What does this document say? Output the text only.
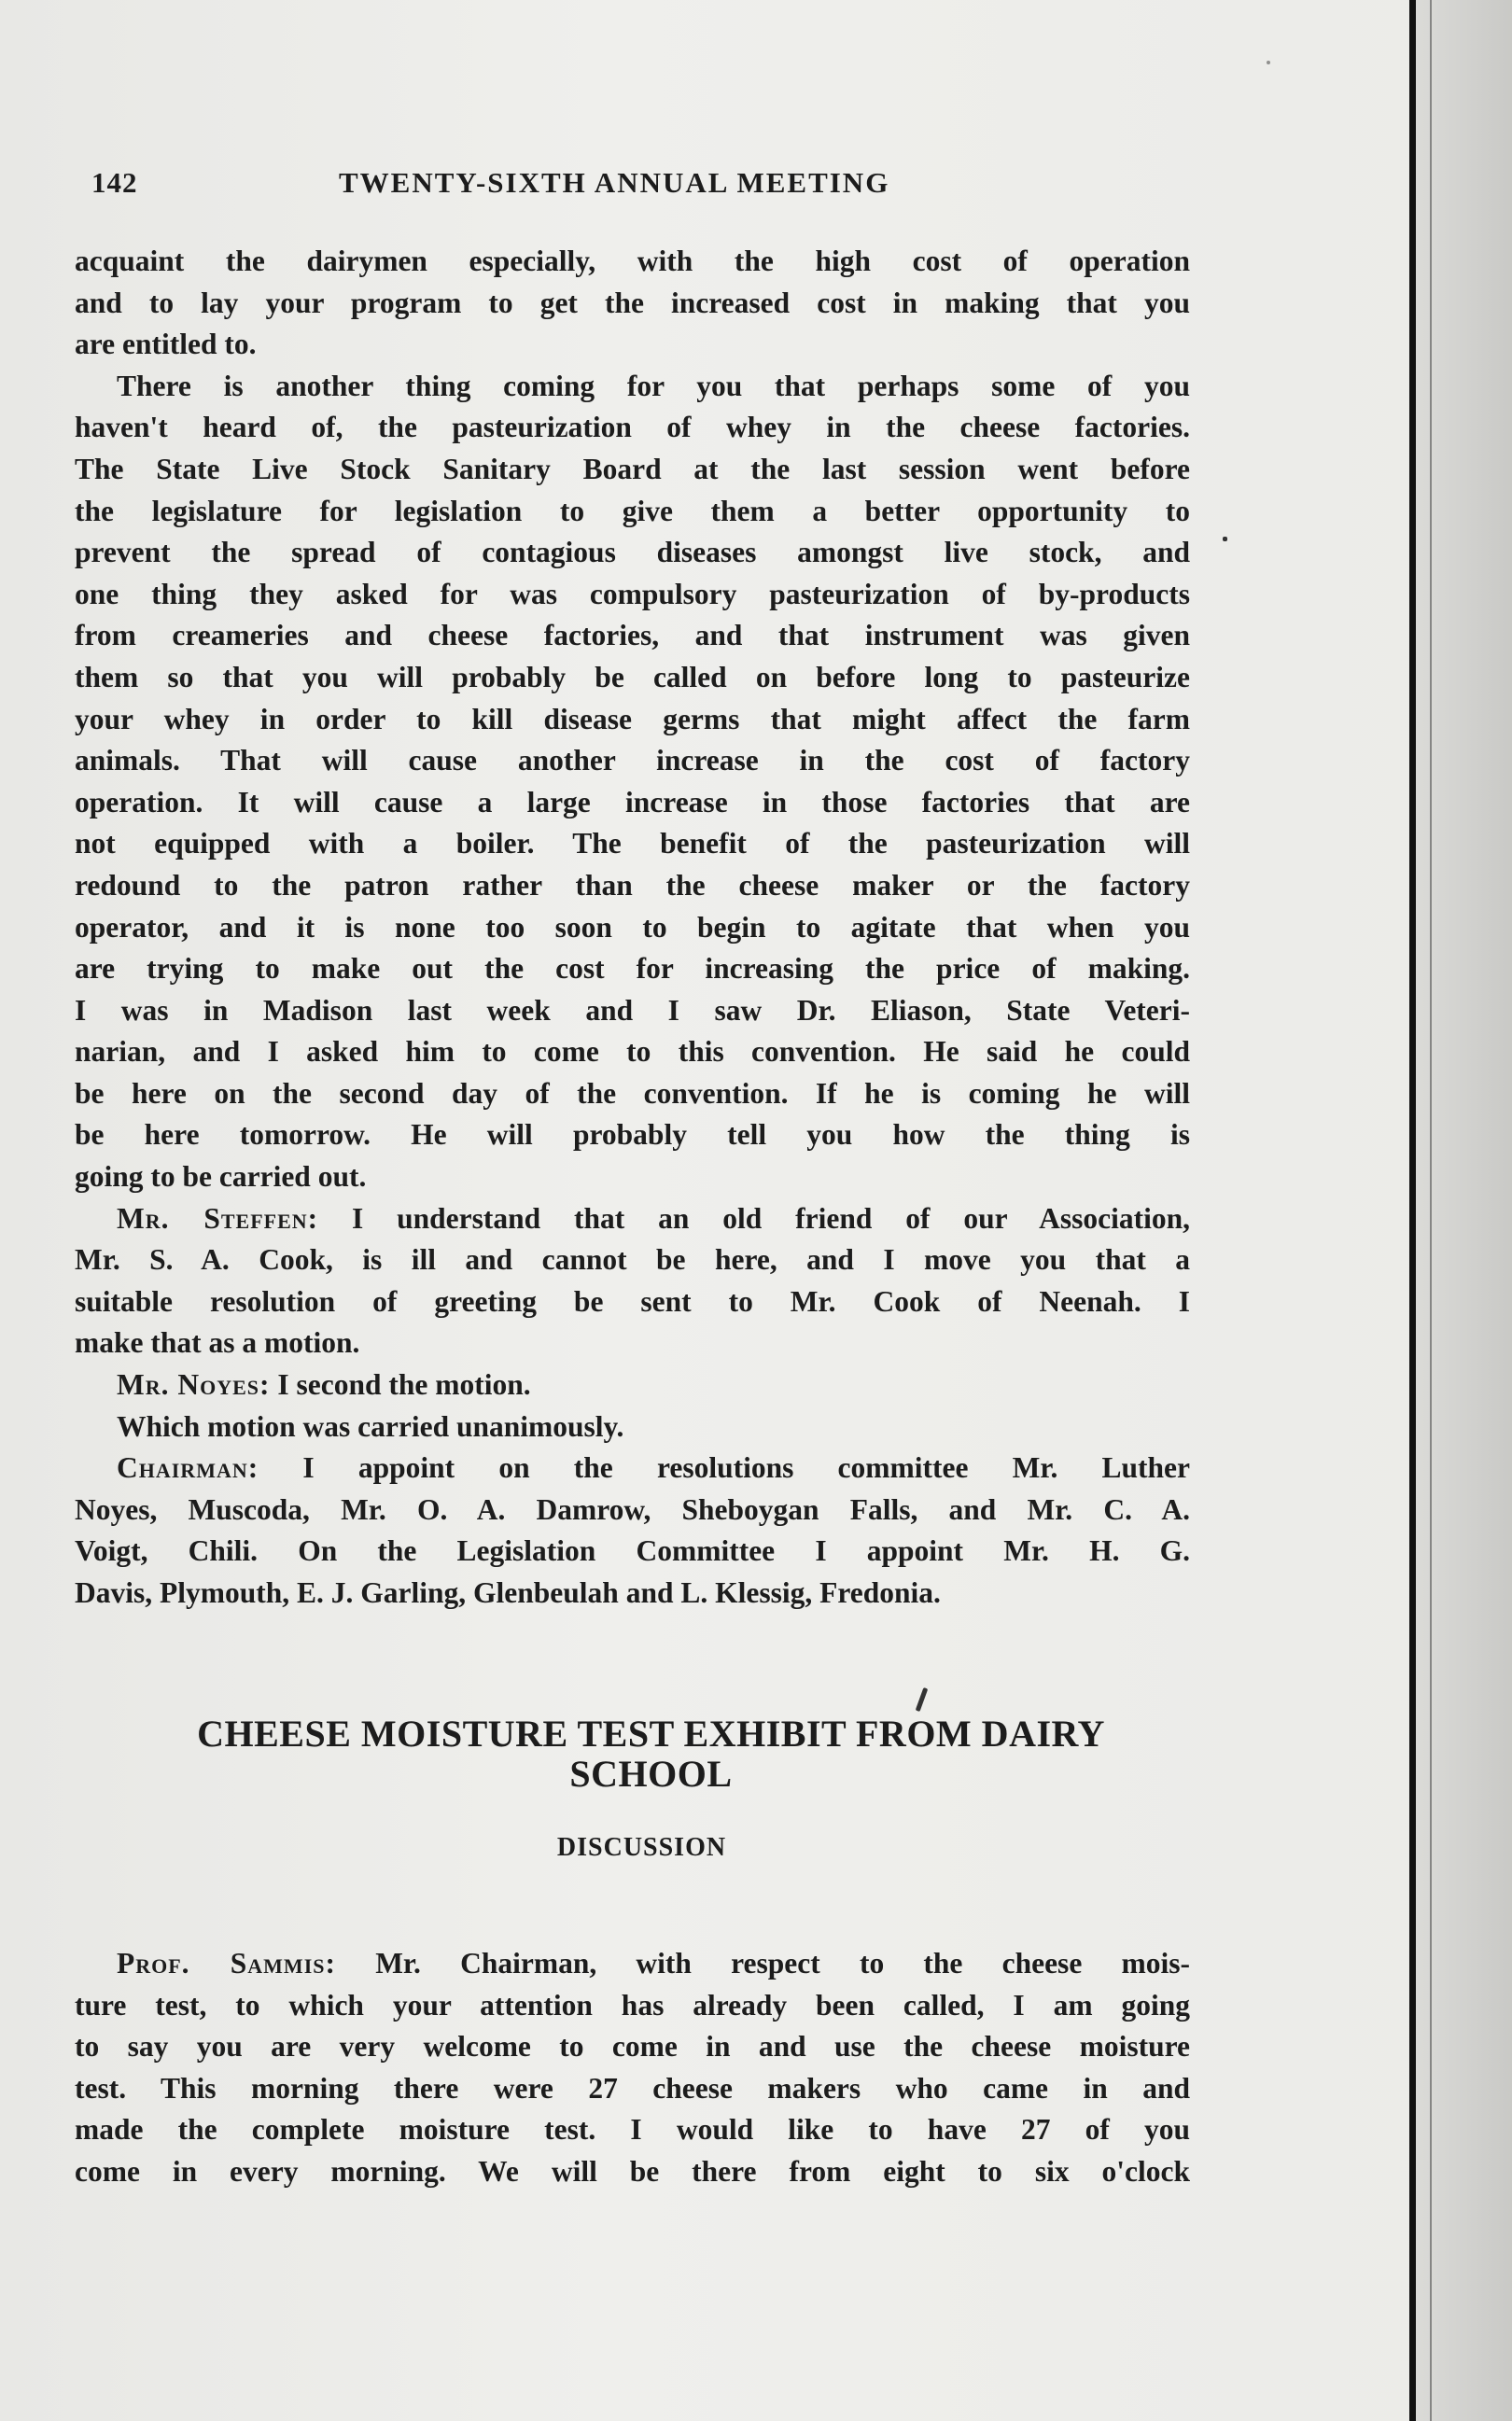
142	TWENTY-SIXTH ANNUAL MEETING
acquaint the dairymen especially, with the high cost of operation
and to lay your program to get the increased cost in making that you
are entitled to.
There is another thing coming for you that perhaps some of you
haven't heard of, the pasteurization of whey in the cheese factories.
The State Live Stock Sanitary Board at the last session went before
the legislature for legislation to give them a better opportunity to
prevent the spread of contagious diseases amongst live stock, and
one thing they asked for was compulsory pasteurization of by-products
from creameries and cheese factories, and that instrument was given
them so that you will probably be called on before long to pasteurize
your whey in order to kill disease germs that might affect the farm
animals. That will cause another increase in the cost of factory
operation. It will cause a large increase in those factories that are
not equipped with a boiler. The benefit of the pasteurization will
redound to the patron rather than the cheese maker or the factory
operator, and it is none too soon to begin to agitate that when you
are trying to make out the cost for increasing the price of making.
I was in Madison last week and I saw Dr. Eliason, State Veteri-
narian, and I asked him to come to this convention. He said he could
be here on the second day of the convention. If he is coming he will
be here tomorrow. He will probably tell you how the thing is
going to be carried out.
Mr. Steffen: I understand that an old friend of our Association,
Mr. S. A. Cook, is ill and cannot be here, and I move you that a
suitable resolution of greeting be sent to Mr. Cook of Neenah. I
make that as a motion.
Mr. Noyes: I second the motion.
Which motion was carried unanimously.
Chairman: I appoint on the resolutions committee Mr. Luther
Noyes, Muscoda, Mr. O. A. Damrow, Sheboygan Falls, and Mr. C. A.
Voigt, Chili. On the Legislation Committee I appoint Mr. H. G.
Davis, Plymouth, E. J. Garling, Glenbeulah and L. Klessig, Fredonia.
CHEESE MOISTURE TEST EXHIBIT FROM DAIRY
SCHOOL
DISCUSSION
Prof. Sammis: Mr. Chairman, with respect to the cheese mois-
ture test, to which your attention has already been called, I am going
to say you are very welcome to come in and use the cheese moisture
test. This morning there were 27 cheese makers who came in and
made the complete moisture test. I would like to have 27 of you
come in every morning. We will be there from eight to six o'clock
